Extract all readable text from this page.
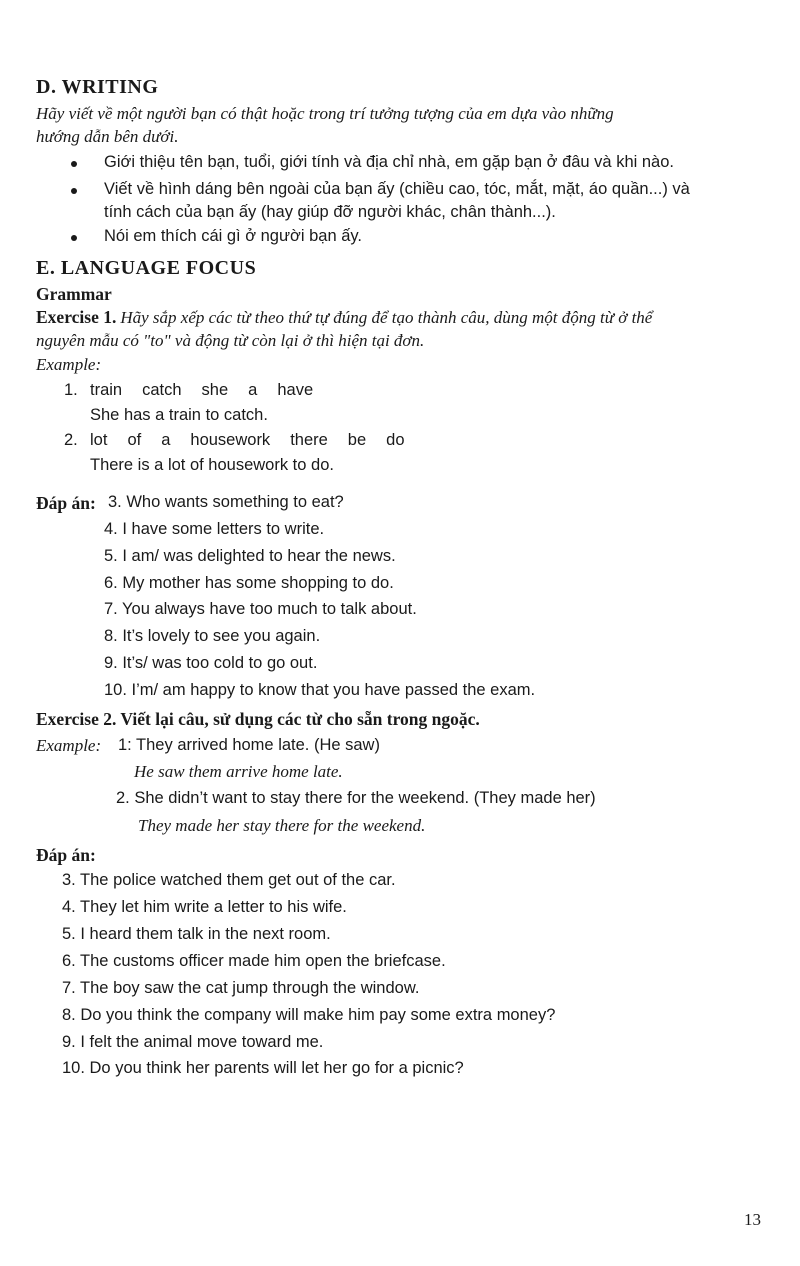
D. WRITING
Hãy viết về một người bạn có thật hoặc trong trí tưởng tượng của em dựa vào những
hướng dẫn bên dưới.
Giới thiệu tên bạn, tuổi, giới tính và địa chỉ nhà, em gặp bạn ở đâu và khi nào.
Viết về hình dáng bên ngoài của bạn ấy (chiều cao, tóc, mắt, mặt, áo quần...) và
tính cách của bạn ấy (hay giúp đỡ người khác, chân thành...).
Nói em thích cái gì ở người bạn ấy.
E. LANGUAGE FOCUS
Grammar
Exercise 1. Hãy sắp xếp các từ theo thứ tự đúng để tạo thành câu, dùng một động từ ở thể
nguyên mẫu có "to" và động từ còn lại ở thì hiện tại đơn.
Example:
1. train catch she a have
She has a train to catch.
2. lot of a housework there be do
There is a lot of housework to do.
Đáp án: 3. Who wants something to eat?
4. I have some letters to write.
5. I am/ was delighted to hear the news.
6. My mother has some shopping to do.
7. You always have too much to talk about.
8. It’s lovely to see you again.
9. It’s/ was too cold to go out.
10. I’m/ am happy to know that you have passed the exam.
Exercise 2. Viết lại câu, sử dụng các từ cho sẵn trong ngoặc.
Example: 1: They arrived home late. (He saw)
He saw them arrive home late.
2. She didn’t want to stay there for the weekend. (They made her)
They made her stay there for the weekend.
Đáp án:
3. The police watched them get out of the car.
4. They let him write a letter to his wife.
5. I heard them talk in the next room.
6. The customs officer made him open the briefcase.
7. The boy saw the cat jump through the window.
8. Do you think the company will make him pay some extra money?
9. I felt the animal move toward me.
10. Do you think her parents will let her go for a picnic?
13
